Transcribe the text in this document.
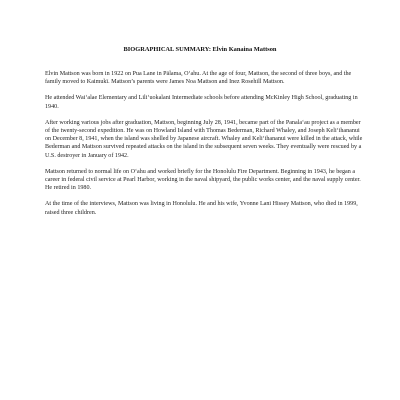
BIOGRAPHICAL SUMMARY: Elvin Kanaina Mattson

Elvin Mattson was born in 1922 on Pua Lane in Pālama, O‘ahu. At the age of four, Mattson, the second of three boys, and the family moved to Kaimukī. Mattson’s parents were James Noa Mattson and Inez Rosehill Mattson.

He attended Wai‘alae Elementary and Lili‘uokalani Intermediate schools before attending McKinley High School, graduating in 1940.

After working various jobs after graduation, Mattson, beginning July 28, 1941, became part of the Panala‘au project as a member of the twenty-second expedition. He was on Howland Island with Thomas Bederman, Richard Whaley, and Joseph Keli‘ihananui on December 8, 1941, when the island was shelled by Japanese aircraft. Whaley and Keli‘ihananui were killed in the attack, while Bederman and Mattson survived repeated attacks on the island in the subsequent seven weeks. They eventually were rescued by a U.S. destroyer in January of 1942.

Mattson returned to normal life on O‘ahu and worked briefly for the Honolulu Fire Department. Beginning in 1943, he began a career in federal civil service at Pearl Harbor, working in the naval shipyard, the public works center, and the naval supply center. He retired in 1980.

At the time of the interviews, Mattson was living in Honolulu. He and his wife, Yvonne Lani Hissey Mattson, who died in 1999, raised three children.
